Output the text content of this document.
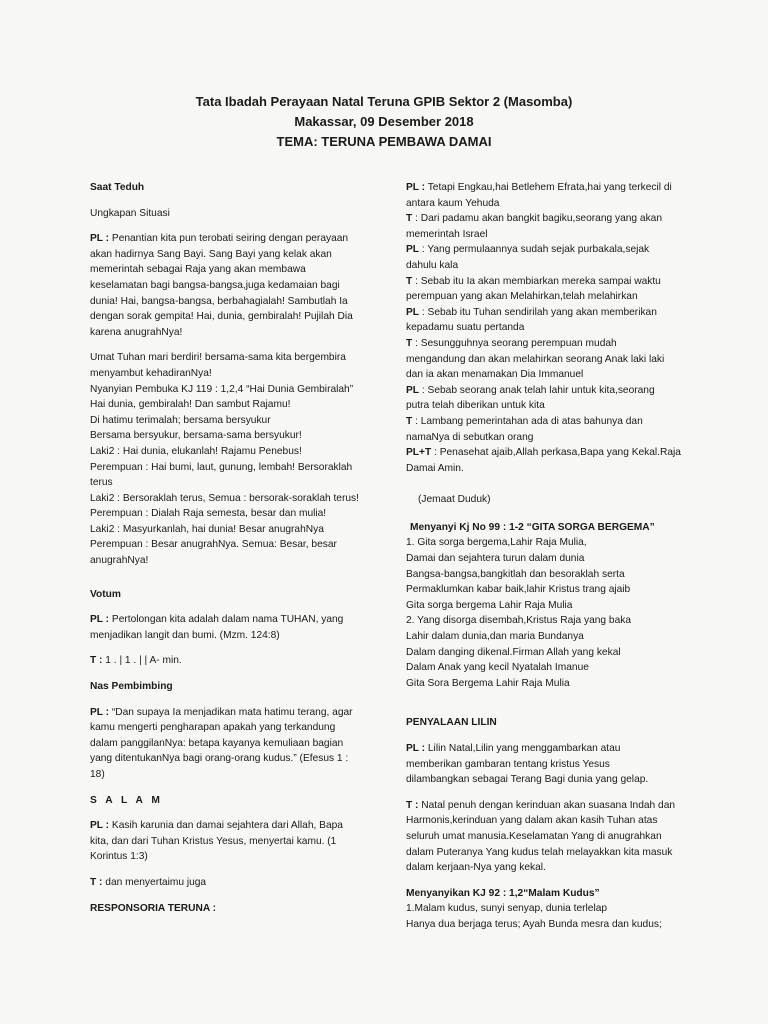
Tata Ibadah Perayaan Natal Teruna GPIB Sektor 2 (Masomba)
Makassar, 09 Desember 2018
TEMA: TERUNA PEMBAWA DAMAI
Saat Teduh
Ungkapan Situasi
PL : Penantian kita pun terobati seiring dengan perayaan
akan hadirnya Sang Bayi. Sang Bayi yang kelak akan
memerintah sebagai Raja yang akan membawa
keselamatan bagi bangsa-bangsa,juga kedamaian bagi
dunia! Hai, bangsa-bangsa, berbahagialah! Sambutlah Ia
dengan sorak gempita! Hai, dunia, gembiralah! Pujilah Dia
karena anugrahNya!
Umat Tuhan mari berdiri! bersama-sama kita bergembira
menyambut kehadiranNya!
Nyanyian Pembuka KJ 119 : 1,2,4 “Hai Dunia Gembiralah”
Hai dunia, gembiralah! Dan sambut Rajamu!
Di hatimu terimalah; bersama bersyukur
Bersama bersyukur, bersama-sama bersyukur!
Laki2 : Hai dunia, elukanlah! Rajamu Penebus!
Perempuan : Hai bumi, laut, gunung, lembah! Bersoraklah
terus
Laki2 : Bersoraklah terus, Semua : bersorak-soraklah terus!
Perempuan : Dialah Raja semesta, besar dan mulia!
Laki2 : Masyurkanlah, hai dunia! Besar anugrahNya
Perempuan : Besar anugrahNya. Semua: Besar, besar
anugrahNya!
Votum
PL : Pertolongan kita adalah dalam nama TUHAN, yang
menjadikan langit dan bumi. (Mzm. 124:8)
T : 1 . | 1 . | | A- min.
Nas Pembimbing
PL : “Dan supaya Ia menjadikan mata hatimu terang, agar
kamu mengerti pengharapan apakah yang terkandung
dalam panggilanNya: betapa kayanya kemuliaan bagian
yang ditentukanNya bagi orang-orang kudus.” (Efesus 1 :
18)
S A L A M
PL : Kasih karunia dan damai sejahtera dari Allah, Bapa
kita, dan dari Tuhan Kristus Yesus, menyertai kamu. (1
Korintus 1:3)
T : dan menyertaimu juga
RESPONSORIA TERUNA :
PL : Tetapi Engkau,hai Betlehem Efrata,hai yang terkecil di
antara kaum Yehuda
T : Dari padamu akan bangkit bagiku,seorang yang akan
memerintah Israel
PL : Yang permulaannya sudah sejak purbakala,sejak
dahulu kala
T : Sebab itu Ia akan membiarkan mereka sampai waktu
perempuan yang akan Melahirkan,telah melahirkan
PL : Sebab itu Tuhan sendirilah yang akan memberikan
kepadamu suatu pertanda
T : Sesungguhnya seorang perempuan mudah
mengandung dan akan melahirkan seorang Anak laki laki
dan ia akan menamakan Dia Immanuel
PL : Sebab seorang anak telah lahir untuk kita,seorang
putra telah diberikan untuk kita
T : Lambang pemerintahan ada di atas bahunya dan
namaNya di sebutkan orang
PL+T : Penasehat ajaib,Allah perkasa,Bapa yang Kekal.Raja
Damai Amin.
(Jemaat Duduk)
Menyanyi Kj No 99 : 1-2 “GITA SORGA BERGEMA”
1. Gita sorga bergema,Lahir Raja Mulia,
Damai dan sejahtera turun dalam dunia
Bangsa-bangsa,bangkitlah dan besoraklah serta
Permaklumkan kabar baik,lahir Kristus trang ajaib
Gita sorga bergema Lahir Raja Mulia
2. Yang disorga disembah,Kristus Raja yang baka
Lahir dalam dunia,dan maria Bundanya
Dalam danging dikenal.Firman Allah yang kekal
Dalam Anak yang kecil Nyatalah Imanue
Gita Sora Bergema Lahir Raja Mulia
PENYALAAN LILIN
PL : Lilin Natal,Lilin yang menggambarkan atau
memberikan gambaran tentang kristus Yesus
dilambangkan sebagai Terang Bagi dunia yang gelap.
T : Natal penuh dengan kerinduan akan suasana Indah dan
Harmonis,kerinduan yang dalam akan kasih Tuhan atas
seluruh umat manusia.Keselamatan Yang di anugrahkan
dalam Puteranya Yang kudus telah melayakkan kita masuk
dalam kerjaan-Nya yang kekal.
Menyanyikan KJ 92 : 1,2“Malam Kudus”
1.Malam kudus, sunyi senyap, dunia terlelap
Hanya dua berjaga terus; Ayah Bunda mesra dan kudus;
